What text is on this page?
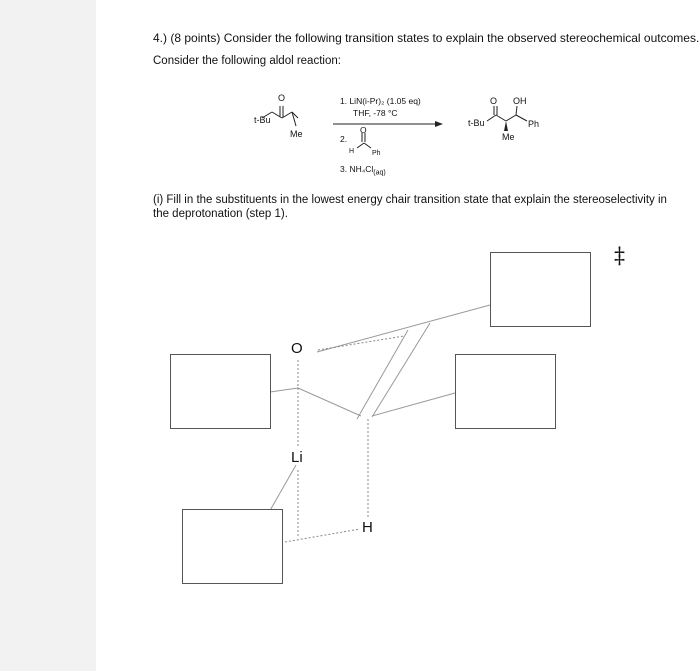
4.) (8 points) Consider the following transition states to explain the observed stereochemical outcomes.
Consider the following aldol reaction:
t-Bu
Me
O	1. LiN(i-Pr)₂ (1.05 eq)
THF, -78 °C
2.
O
H	Ph
3. $NH_4Cl_{(aq)}$
t-Bu
O OH
Me
Ph
(i) Fill in the substituents in the lowest energy chair transition state that explain the stereoselectivity in
the deprotonation (step 1).
‡
O
Li
H
